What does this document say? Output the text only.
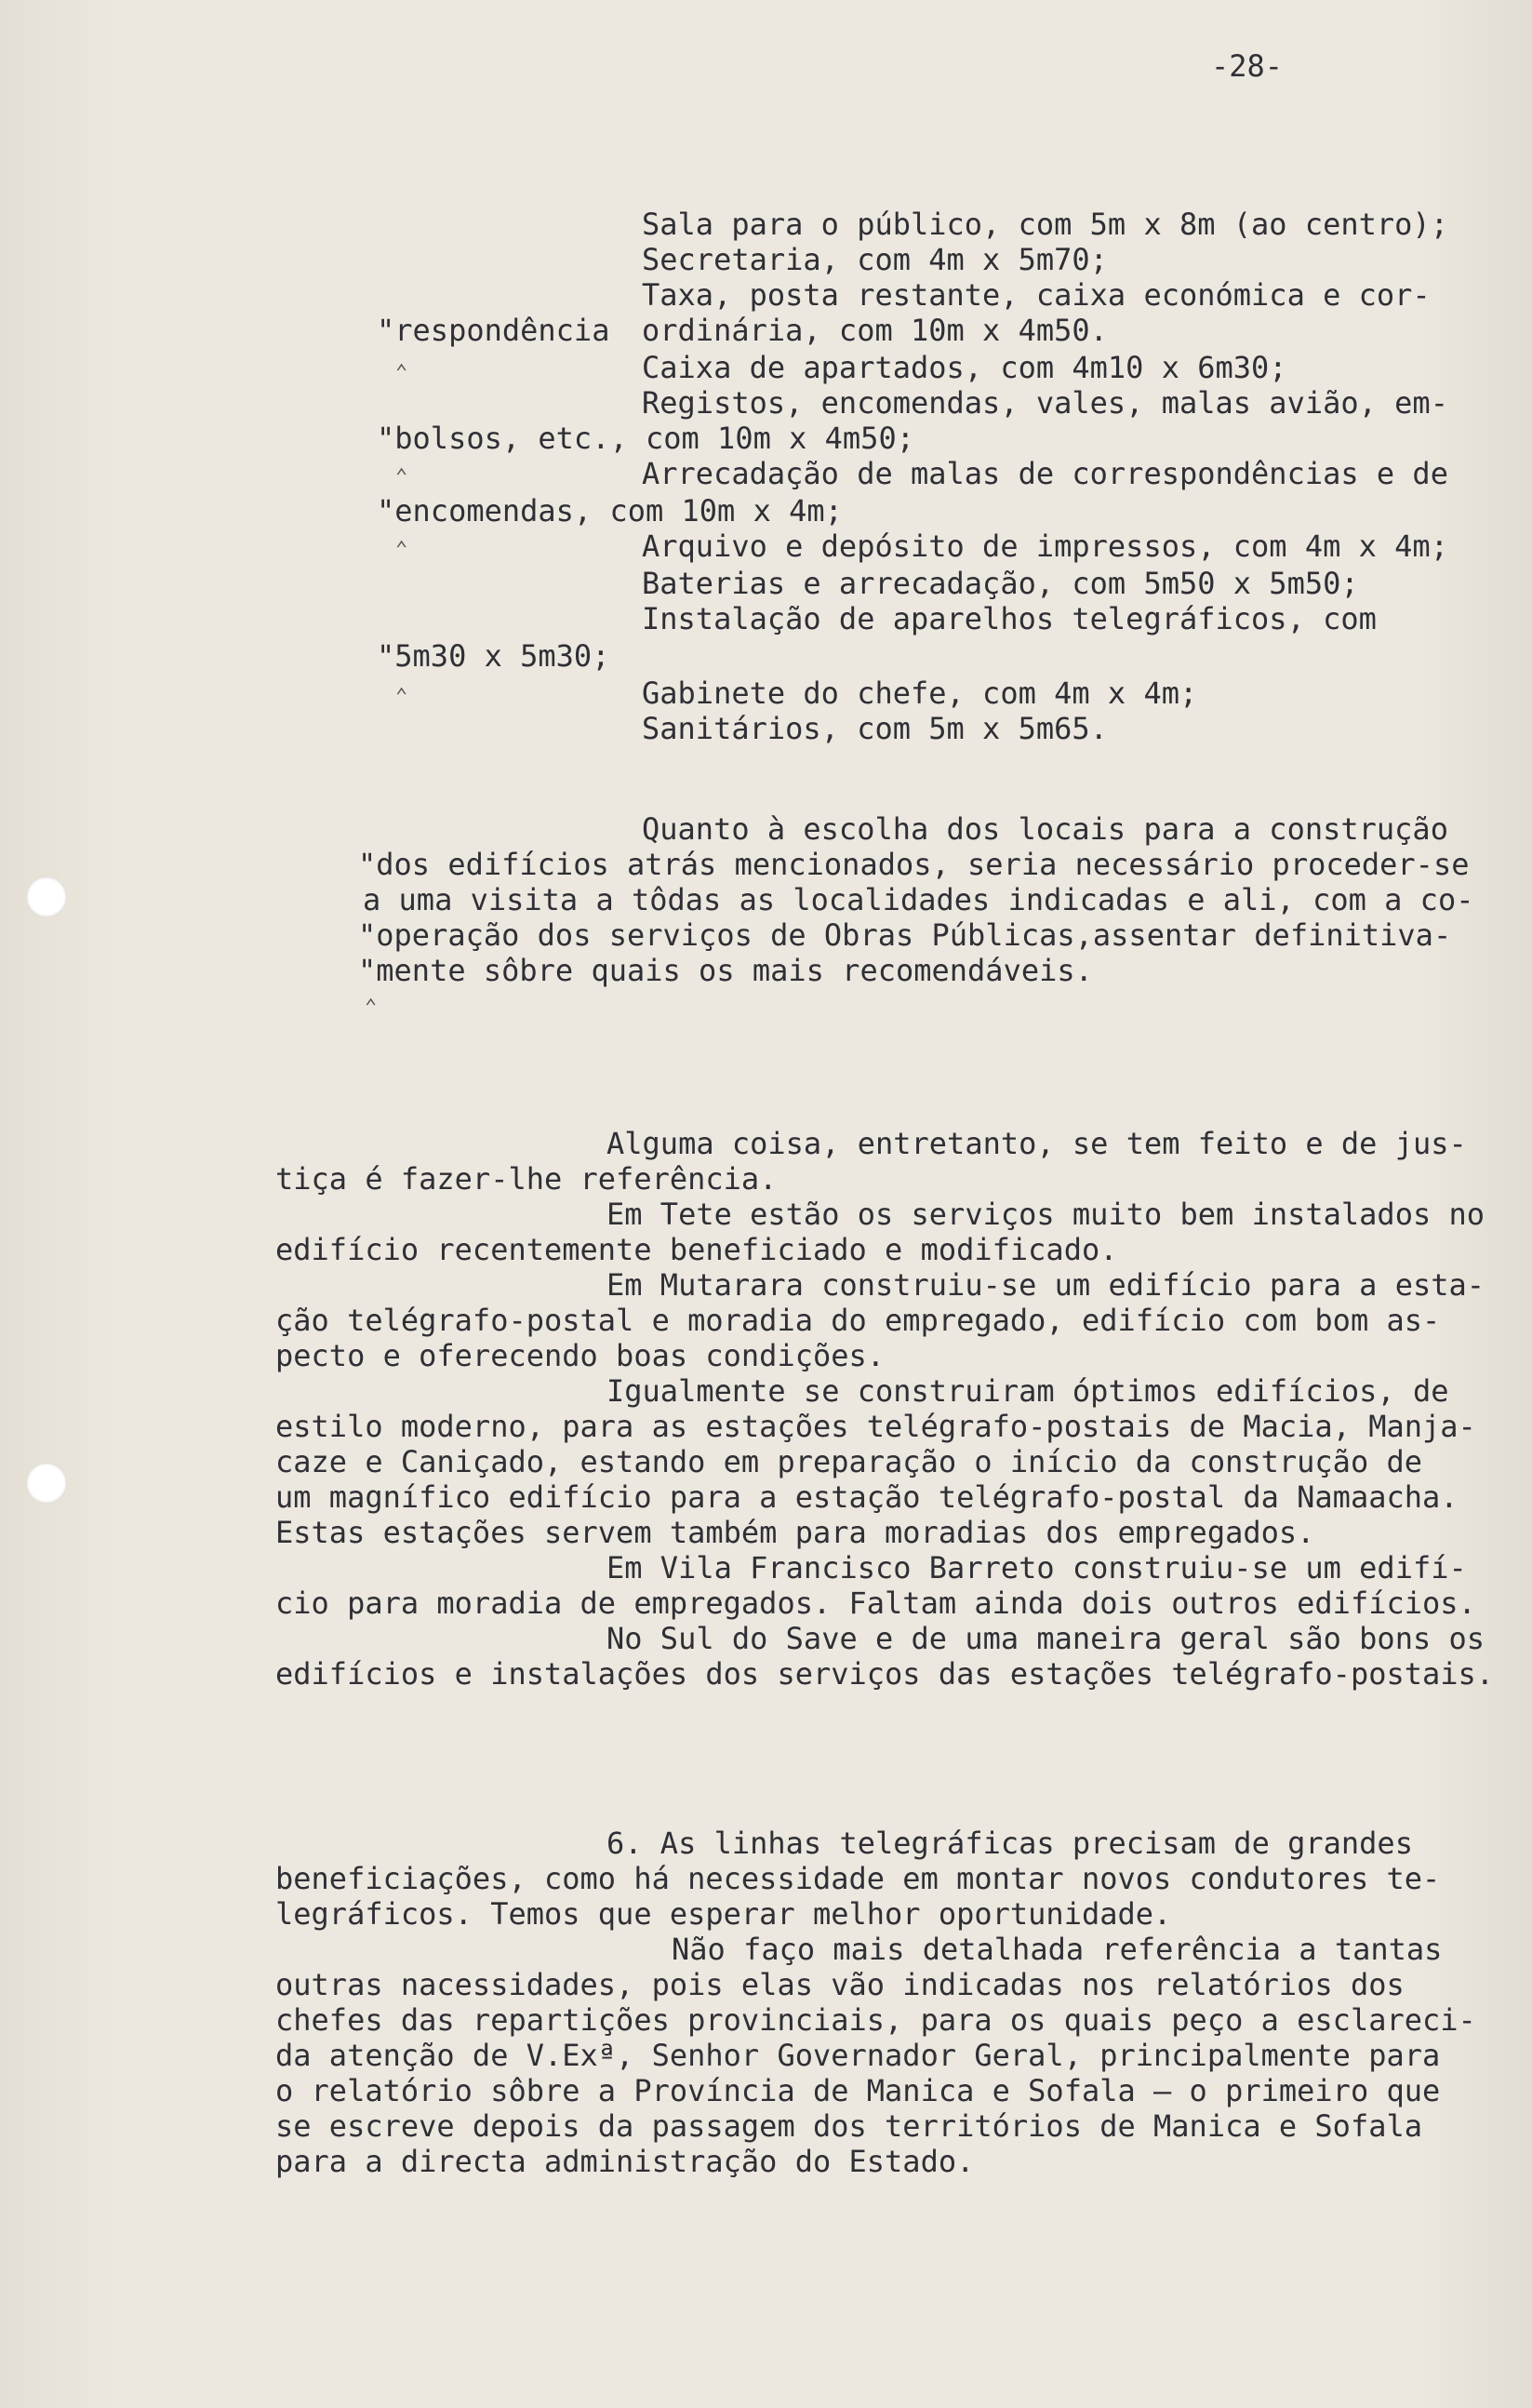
-28-
Sala para o público, com 5m x 8m (ao centro);
Secretaria, com 4m x 5m70;
Taxa, posta restante, caixa económica e cor-
"respondência ordinária, com 10m x 4m50.
⌃	Caixa de apartados, com 4m10 x 6m30;
Registos, encomendas, vales, malas avião, em-
"bolsos, etc., com 10m x 4m50;
⌃	Arrecadação de malas de correspondências e de
"encomendas, com 10m x 4m;
⌃	Arquivo e depósito de impressos, com 4m x 4m;
Baterias e arrecadação, com 5m50 x 5m50;
Instalação de aparelhos telegráficos, com
"5m30 x 5m30;
⌃	Gabinete do chefe, com 4m x 4m;
Sanitários, com 5m x 5m65.
Quanto à escolha dos locais para a construção
"dos edifícios atrás mencionados, seria necessário proceder-se
a uma visita a tôdas as localidades indicadas e ali, com a co-
"operação dos serviços de Obras Públicas,assentar definitiva-
"mente sôbre quais os mais recomendáveis.
⌃
Alguma coisa, entretanto, se tem feito e de jus-
tiça é fazer-lhe referência.
Em Tete estão os serviços muito bem instalados no
edifício recentemente beneficiado e modificado.
Em Mutarara construiu-se um edifício para a esta-
ção telégrafo-postal e moradia do empregado, edifício com bom as-
pecto e oferecendo boas condições.
Igualmente se construiram óptimos edifícios, de
estilo moderno, para as estações telégrafo-postais de Macia, Manja-
caze e Caniçado, estando em preparação o início da construção de
um magnífico edifício para a estação telégrafo-postal da Namaacha.
Estas estações servem também para moradias dos empregados.
Em Vila Francisco Barreto construiu-se um edifí-
cio para moradia de empregados. Faltam ainda dois outros edifícios.
No Sul do Save e de uma maneira geral são bons os
edifícios e instalações dos serviços das estações telégrafo-postais.
6. As linhas telegráficas precisam de grandes
beneficiações, como há necessidade em montar novos condutores te-
legráficos. Temos que esperar melhor oportunidade.
Não faço mais detalhada referência a tantas
outras nacessidades, pois elas vão indicadas nos relatórios dos
chefes das repartições provinciais, para os quais peço a esclareci-
da atenção de V.Exª, Senhor Governador Geral, principalmente para
o relatório sôbre a Província de Manica e Sofala — o primeiro que
se escreve depois da passagem dos territórios de Manica e Sofala
para a directa administração do Estado.
